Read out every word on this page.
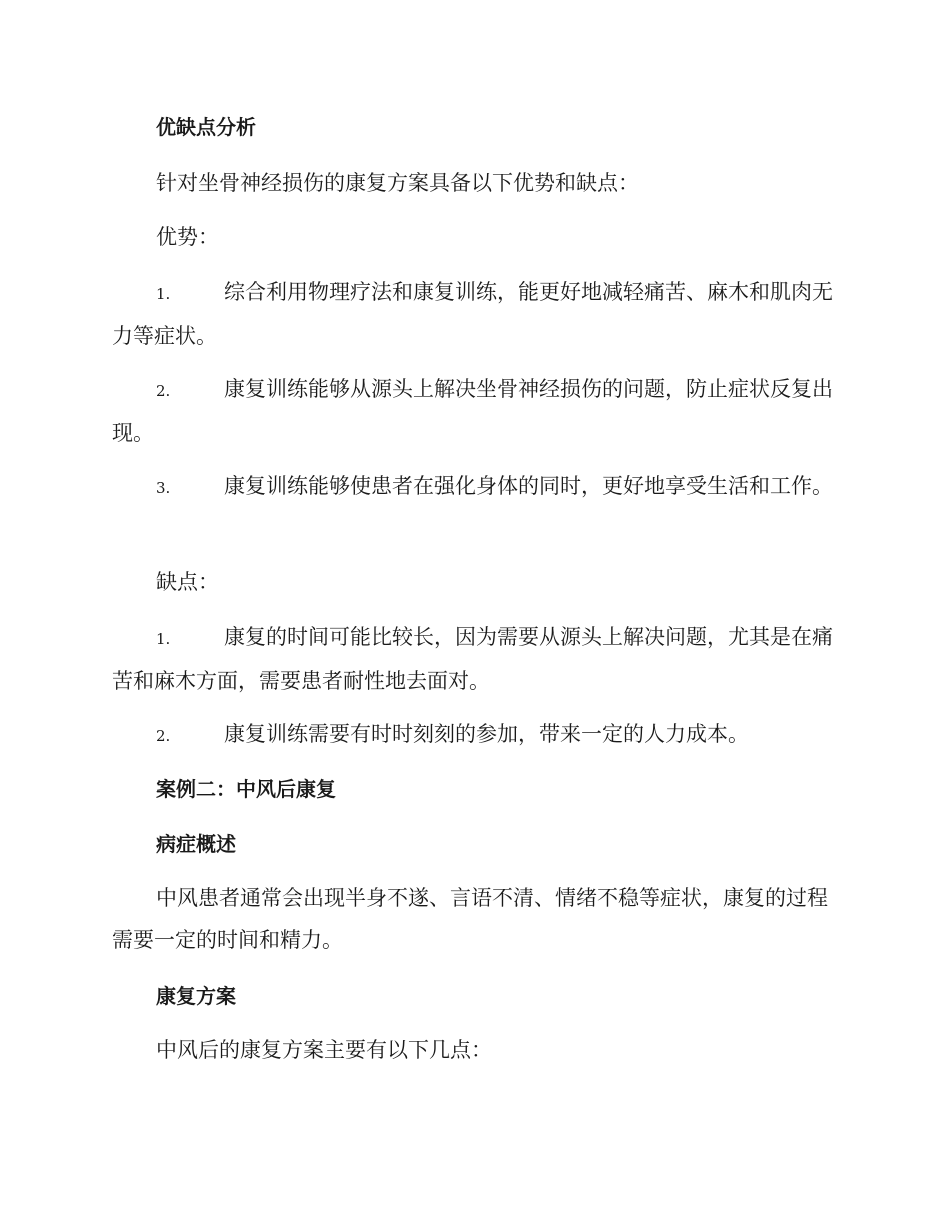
优缺点分析
针对坐骨神经损伤的康复方案具备以下优势和缺点：
优势：
1.	综合利用物理疗法和康复训练，能更好地减轻痛苦、麻木和肌肉无力等症状。
2.	康复训练能够从源头上解决坐骨神经损伤的问题，防止症状反复出现。
3.	康复训练能够使患者在强化身体的同时，更好地享受生活和工作。
缺点：
1.	康复的时间可能比较长，因为需要从源头上解决问题，尤其是在痛苦和麻木方面，需要患者耐性地去面对。
2.	康复训练需要有时时刻刻的参加，带来一定的人力成本。
案例二：中风后康复
病症概述
中风患者通常会出现半身不遂、言语不清、情绪不稳等症状，康复的过程需要一定的时间和精力。
康复方案
中风后的康复方案主要有以下几点：
